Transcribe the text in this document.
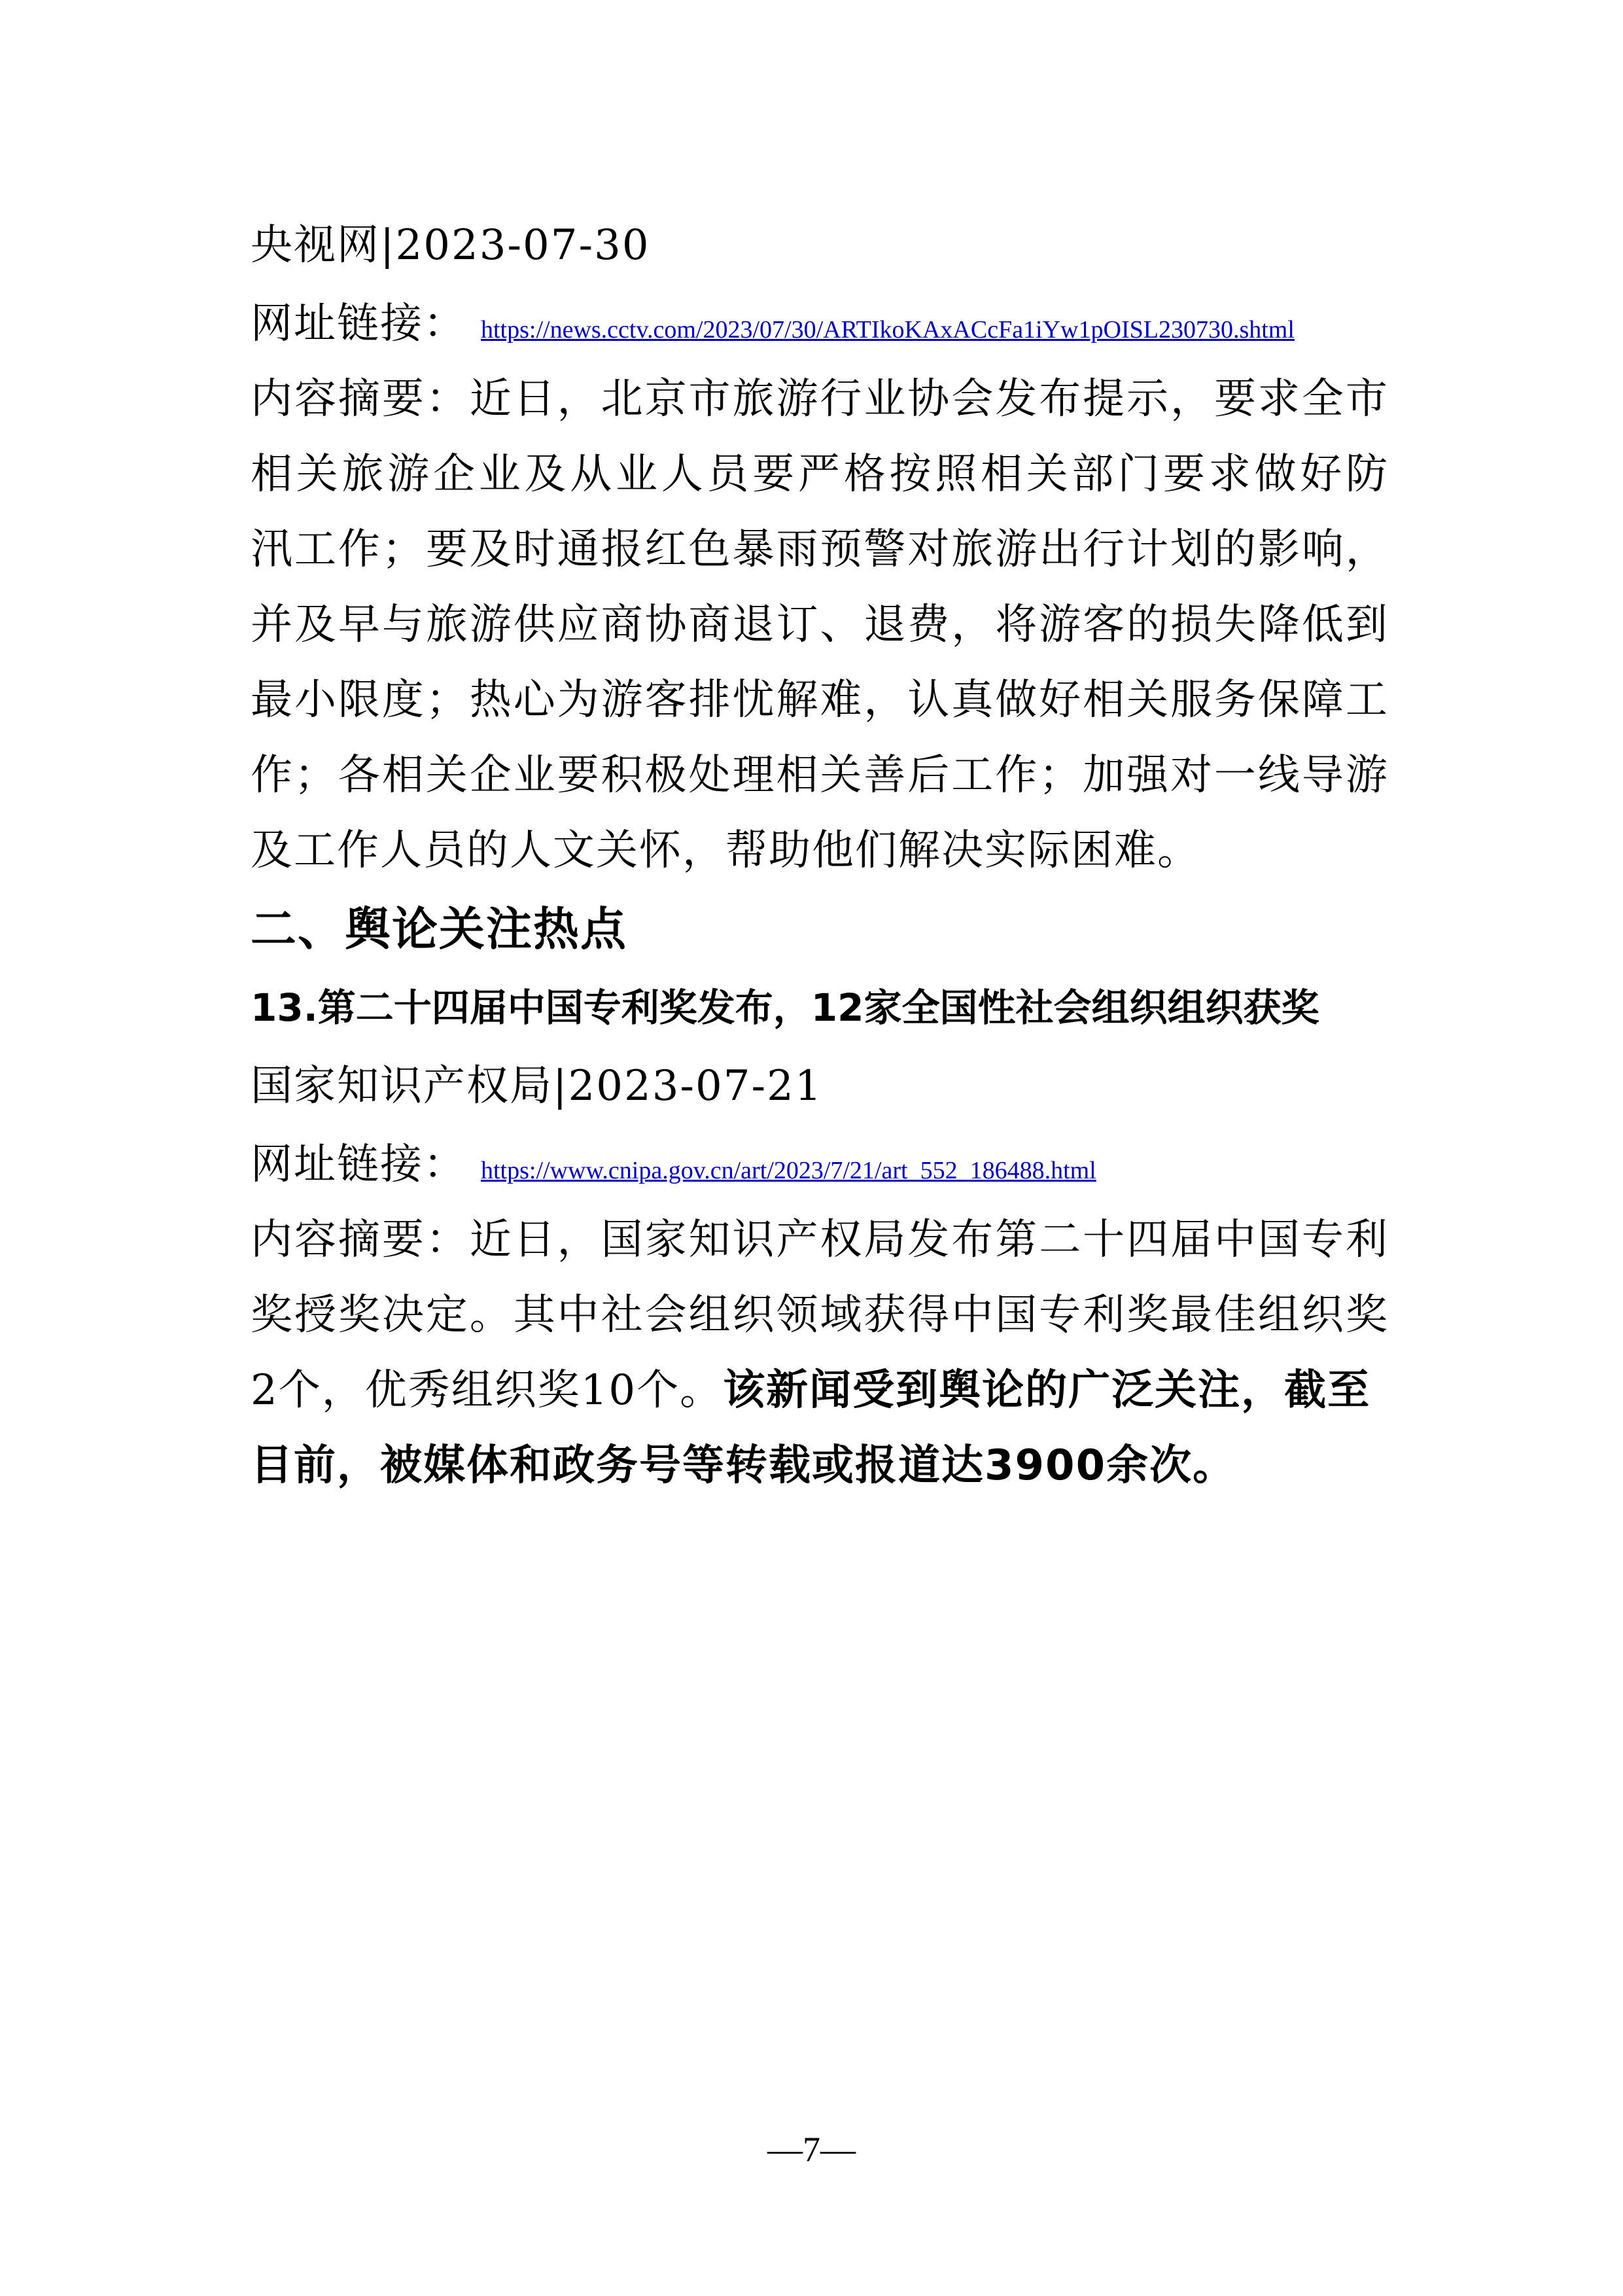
央视网|2023-07-30
网址链接： https://news.cctv.com/2023/07/30/ARTIkoKAxACcFa1iYw1pOISL230730.shtml
内 容 摘 要 ： 近 日 ， 北 京 市 旅 游 行 业 协 会 发 布 提 示 ， 要 求 全 市
相 关 旅 游 企 业 及 从 业 人 员 要 严 格 按 照 相 关 部 门 要 求 做 好 防
汛 工 作 ； 要 及 时 通 报 红 色 暴 雨 预 警 对 旅 游 出 行 计 划 的 影 响 ，
并 及 早 与 旅 游 供 应 商 协 商 退 订 、 退 费 ， 将 游 客 的 损 失 降 低 到
最 小 限 度 ； 热 心 为 游 客 排 忧 解 难 ， 认 真 做 好 相 关 服 务 保 障 工
作 ； 各 相 关 企 业 要 积 极 处 理 相 关 善 后 工 作 ； 加 强 对 一 线 导 游
及工作人员的人文关怀，帮助他们解决实际困难。
二、舆论关注热点
13.第二十四届中国专利奖发布，12家全国性社会组织组织获奖
国家知识产权局|2023-07-21
网址链接： https://www.cnipa.gov.cn/art/2023/7/21/art_552_186488.html
内 容 摘 要 ： 近 日 ， 国 家 知 识 产 权 局 发 布 第 二 十 四 届 中 国 专 利
奖 授 奖 决 定 。 其 中 社 会 组 织 领 域 获 得 中 国 专 利 奖 最 佳 组 织 奖
2个，优秀组织奖10个。该新闻受到舆论的广泛关注，截至
目前，被媒体和政务号等转载或报道达3900余次。
—7—
